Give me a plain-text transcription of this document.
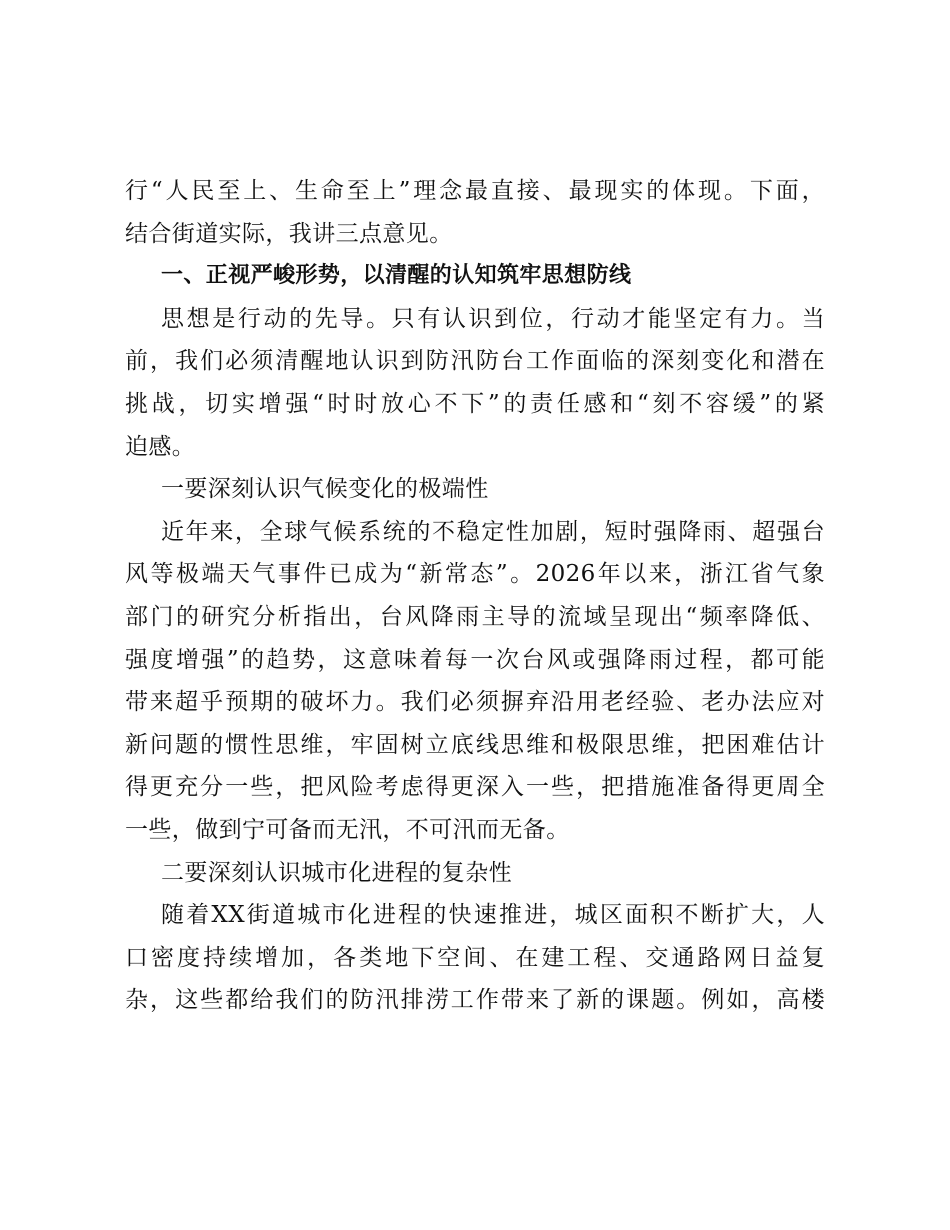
行“人民至上、生命至上”理念最直接、最现实的体现。下面，
结合街道实际，我讲三点意见。
一、正视严峻形势，以清醒的认知筑牢思想防线
思想是行动的先导。只有认识到位，行动才能坚定有力。当
前，我们必须清醒地认识到防汛防台工作面临的深刻变化和潜在
挑战，切实增强“时时放心不下”的责任感和“刻不容缓”的紧
迫感。
一要深刻认识气候变化的极端性
近年来，全球气候系统的不稳定性加剧，短时强降雨、超强台
风等极端天气事件已成为“新常态”。2026年以来，浙江省气象
部门的研究分析指出，台风降雨主导的流域呈现出“频率降低、
强度增强”的趋势，这意味着每一次台风或强降雨过程，都可能
带来超乎预期的破坏力。我们必须摒弃沿用老经验、老办法应对
新问题的惯性思维，牢固树立底线思维和极限思维，把困难估计
得更充分一些，把风险考虑得更深入一些，把措施准备得更周全
一些，做到宁可备而无汛，不可汛而无备。
二要深刻认识城市化进程的复杂性
随着XX街道城市化进程的快速推进，城区面积不断扩大，人
口密度持续增加，各类地下空间、在建工程、交通路网日益复
杂，这些都给我们的防汛排涝工作带来了新的课题。例如，高楼
